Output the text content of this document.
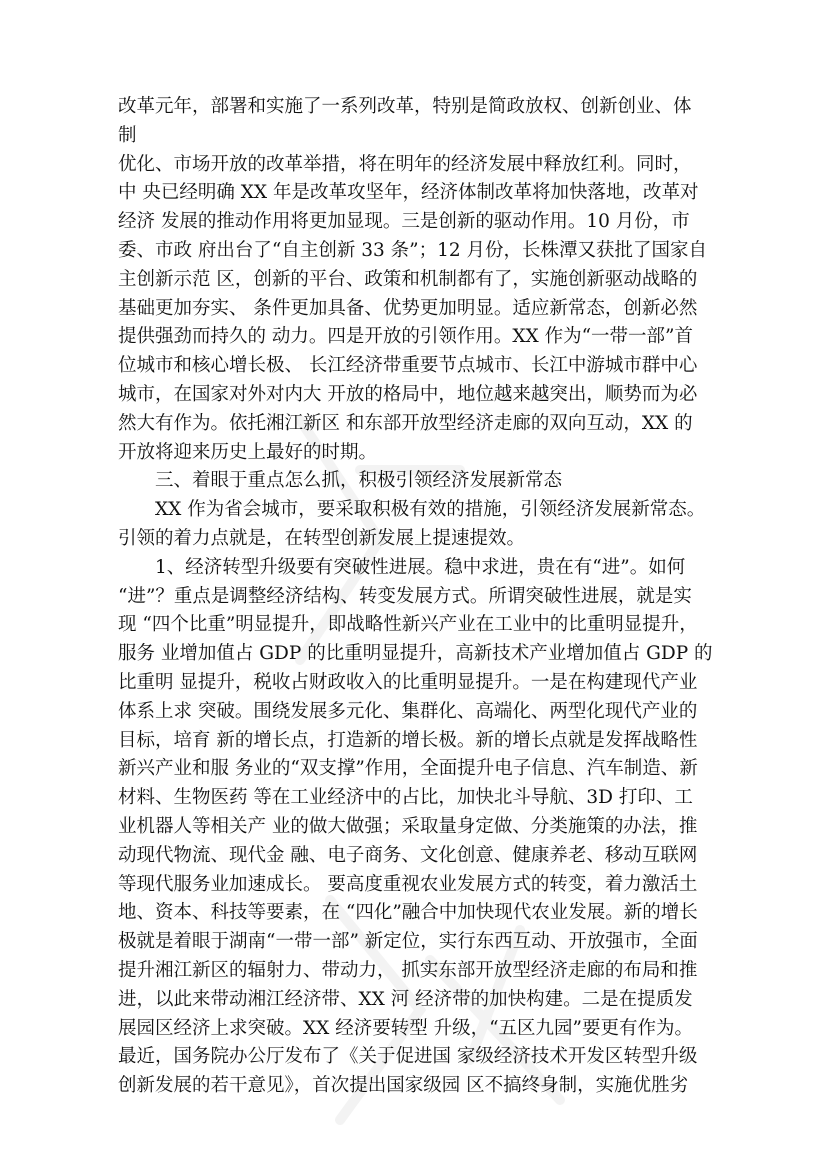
改革元年，部署和实施了一系列改革，特别是简政放权、创新创业、体
制
优化、市场开放的改革举措，将在明年的经济发展中释放红利。同时，
中 央已经明确 XX 年是改革攻坚年，经济体制改革将加快落地，改革对
经济 发展的推动作用将更加显现。三是创新的驱动作用。10 月份，市
委、市政 府出台了“自主创新 33 条”；12 月份，长株潭又获批了国家自
主创新示范 区，创新的平台、政策和机制都有了，实施创新驱动战略的
基础更加夯实、 条件更加具备、优势更加明显。适应新常态，创新必然
提供强劲而持久的 动力。四是开放的引领作用。XX 作为“一带一部”首
位城市和核心增长极、 长江经济带重要节点城市、长江中游城市群中心
城市，在国家对外对内大 开放的格局中，地位越来越突出，顺势而为必
然大有作为。依托湘江新区 和东部开放型经济走廊的双向互动，XX 的
开放将迎来历史上最好的时期。
　　三、着眼于重点怎么抓，积极引领经济发展新常态
　　XX 作为省会城市，要采取积极有效的措施，引领经济发展新常态。
引领的着力点就是，在转型创新发展上提速提效。
　　1、经济转型升级要有突破性进展。稳中求进，贵在有“进”。如何
“进”？重点是调整经济结构、转变发展方式。所谓突破性进展，就是实
现 “四个比重”明显提升，即战略性新兴产业在工业中的比重明显提升，
服务 业增加值占 GDP 的比重明显提升，高新技术产业增加值占 GDP 的
比重明 显提升，税收占财政收入的比重明显提升。一是在构建现代产业
体系上求 突破。围绕发展多元化、集群化、高端化、两型化现代产业的
目标，培育 新的增长点，打造新的增长极。新的增长点就是发挥战略性
新兴产业和服 务业的“双支撑”作用，全面提升电子信息、汽车制造、新
材料、生物医药 等在工业经济中的占比，加快北斗导航、3D 打印、工
业机器人等相关产 业的做大做强；采取量身定做、分类施策的办法，推
动现代物流、现代金 融、电子商务、文化创意、健康养老、移动互联网
等现代服务业加速成长。 要高度重视农业发展方式的转变，着力激活土
地、资本、科技等要素，在 “四化”融合中加快现代农业发展。新的增长
极就是着眼于湖南“一带一部” 新定位，实行东西互动、开放强市，全面
提升湘江新区的辐射力、带动力， 抓实东部开放型经济走廊的布局和推
进，以此来带动湘江经济带、XX 河 经济带的加快构建。二是在提质发
展园区经济上求突破。XX 经济要转型 升级，“五区九园”要更有作为。
最近，国务院办公厅发布了《关于促进国 家级经济技术开发区转型升级
创新发展的若干意见》，首次提出国家级园 区不搞终身制，实施优胜劣
